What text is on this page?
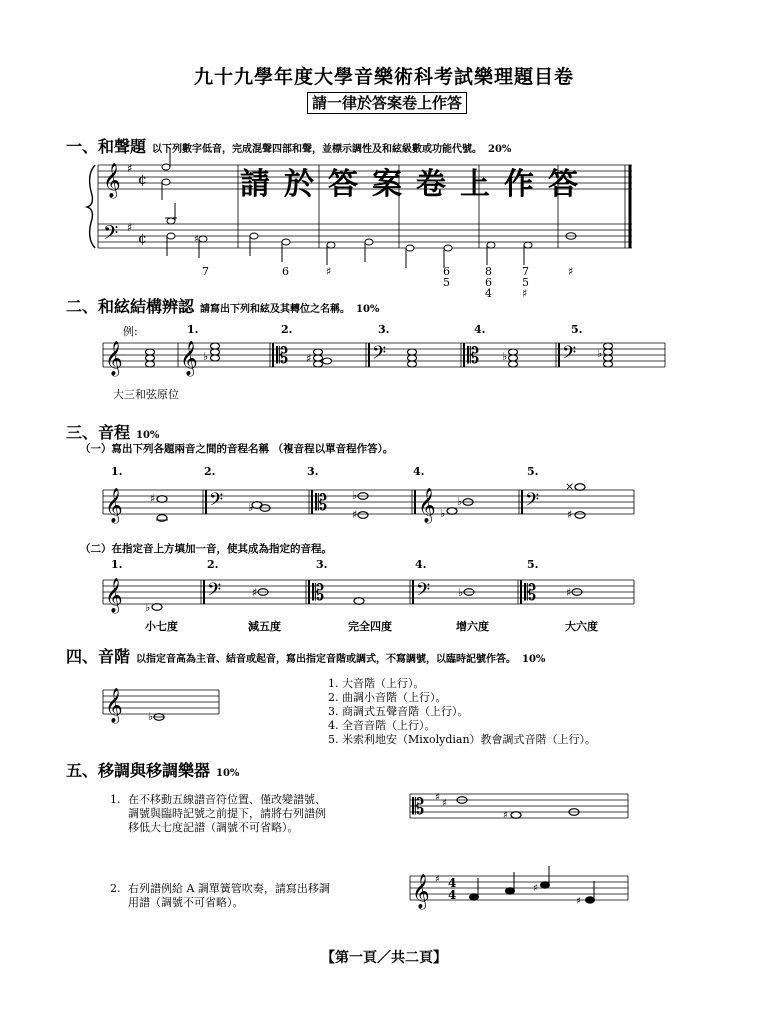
九十九學年度大學音樂術科考試樂理題目卷
請一律於答案卷上作答
一、和聲題 以下列數字低音，完成混聲四部和聲，並標示調性及和絃級數或功能代號。 20%
二、和絃結構辨認 請寫出下列和絃及其轉位之名稱。 10%
例:
大三和弦原位
三、音程 10%
（一）寫出下列各題兩音之間的音程名稱 （複音程以單音程作答）。
（二）在指定音上方填加一音，使其成為指定的音程。
四、音階 以指定音高為主音、結音或起音，寫出指定音階或調式，不寫調號，以臨時記號作答。 10%
1. 大音階（上行）。
2. 曲調小音階（上行）。
3. 商調式五聲音階（上行）。
4. 全音音階（上行）。
5. 米索利地安（Mixolydian）教會調式音階（上行）。
五、移調與移調樂器 10%
1. 在不移動五線譜音符位置、僅改變譜號、
調號與臨時記號之前提下，請將右列譜例
移低大七度記譜（調號不可省略）。
2. 右列譜例給 A 調單簧管吹奏，請寫出移調
用譜（調號不可省略）。
【第一頁／共二頁】
𝄞
𝄢
♯
♯
¢
¢	♯
請於答案卷上作答
7	6	♯	6
5
8
6
4
7
5
♯
♯
𝄞 𝄞	𝄡	𝄢	𝄡	𝄢
♭	♯	♭	♭
1.	2.	3.	4.	5.
𝄞	𝄢	𝄡	𝄞	𝄢
♯
♭
♭
♯
♭
♭
×
♯
1.	2.	3.	4.	5.
𝄞	𝄢	𝄡	𝄢	𝄡
♭
♯	♭	♯
1.	2.	3.	4.	5.
小七度	減五度	完全四度	增六度	大六度
𝄞 ♭
𝄡 ♯
♯
♯
𝄞 ♯ 4
4	♯
♯
